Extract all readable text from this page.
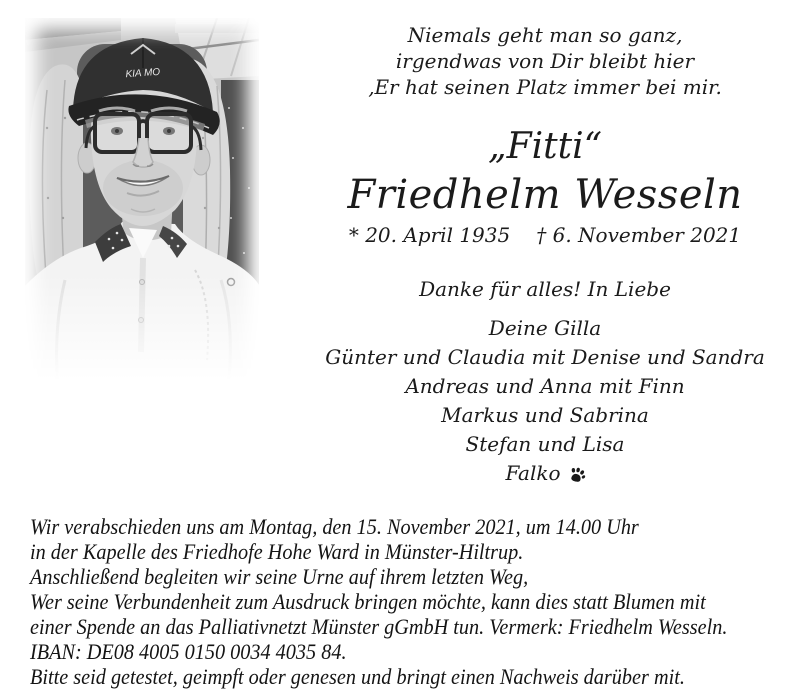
KIA MO
Niemals geht man so ganz,
irgendwas von Dir bleibt hier
‚Er hat seinen Platz immer bei mir.
„Fitti“
Friedhelm Wesseln
* 20. April 1935 † 6. November 2021
Danke für alles! In Liebe
Deine Gilla
Günter und Claudia mit Denise und Sandra
Andreas und Anna mit Finn
Markus und Sabrina
Stefan und Lisa
Falko
Wir verabschieden uns am Montag, den 15. November 2021, um 14.00 Uhr
in der Kapelle des Friedhofe Hohe Ward in Münster-Hiltrup.
Anschließend begleiten wir seine Urne auf ihrem letzten Weg,
Wer seine Verbundenheit zum Ausdruck bringen möchte, kann dies statt Blumen mit
einer Spende an das Palliativnetzt Münster gGmbH tun. Vermerk: Friedhelm Wesseln.
IBAN: DE08 4005 0150 0034 4035 84.
Bitte seid getestet, geimpft oder genesen und bringt einen Nachweis darüber mit.
